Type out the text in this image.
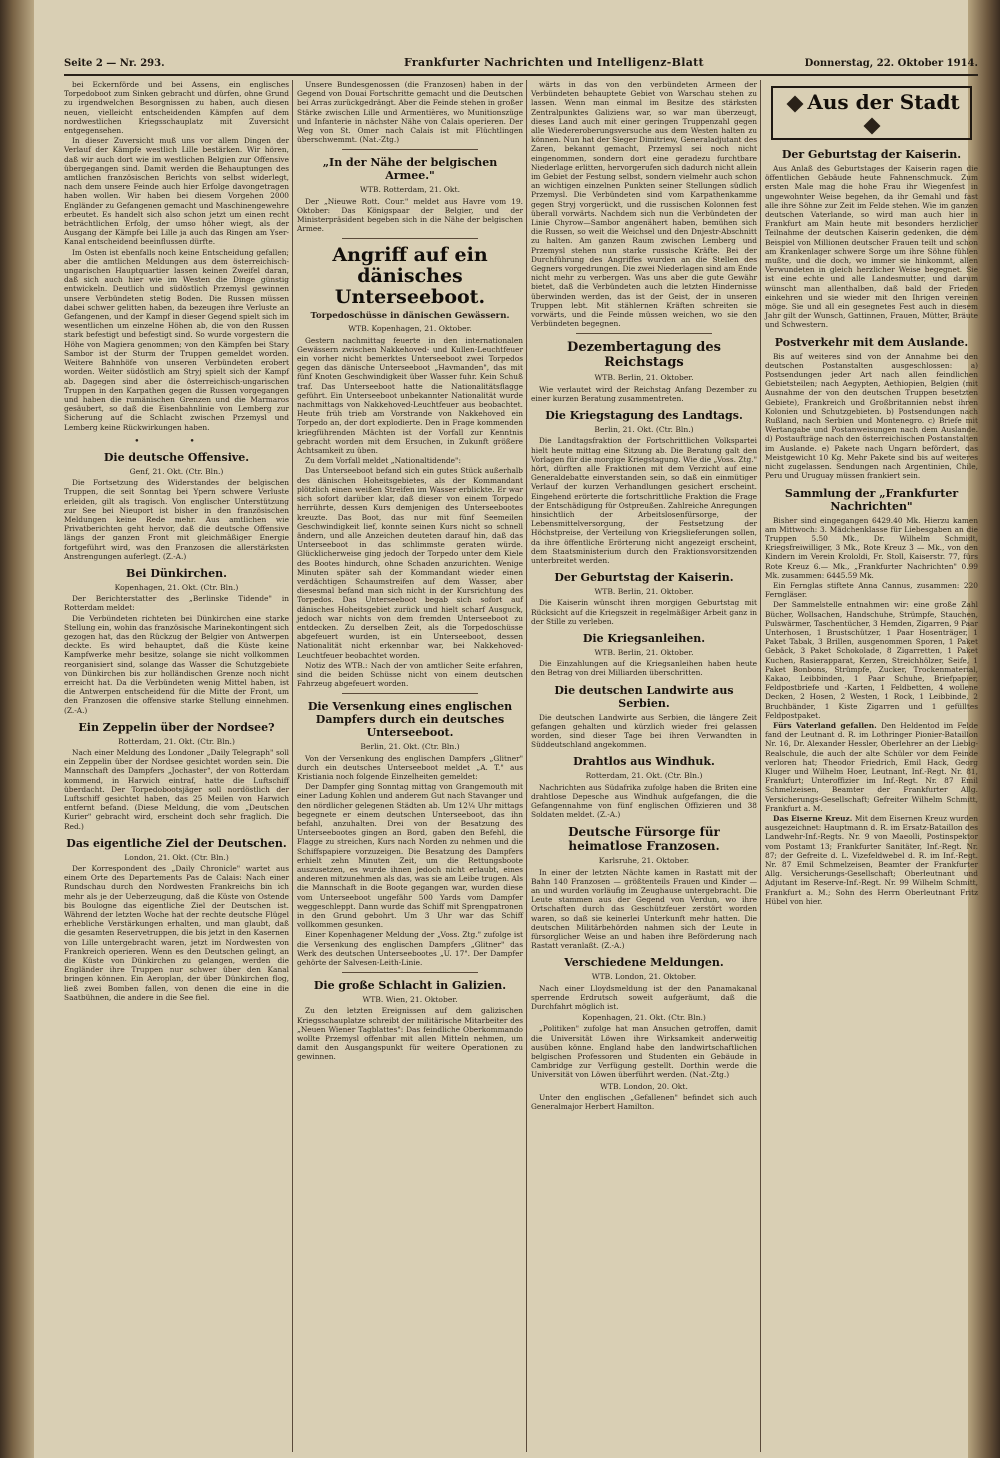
Seite 2 — Nr. 293.	Frankfurter Nachrichten und Intelligenz-Blatt	Donnerstag, 22. Oktober 1914.

bei Eckernförde und bei Assens, ein englisches Torpedoboot zum Sinken gebracht und dürfen, ohne Grund zu irgendwelchen Besorgnissen zu haben, auch diesen neuen, vielleicht entscheidenden Kämpfen auf dem nordwestlichen Kriegsschauplatz mit Zuversicht entgegensehen.

In dieser Zuversicht muß uns vor allem Dingen der Verlauf der Kämpfe westlich Lille bestärken. Wir hören, daß wir auch dort wie im westlichen Belgien zur Offensive übergegangen sind. Damit werden die Behauptungen des amtlichen französischen Berichts von selbst widerlegt, nach dem unsere Feinde auch hier Erfolge davongetragen haben wollen. Wir haben bei diesem Vorgehen 2000 Engländer zu Gefangenen gemacht und Maschinengewehre erbeutet. Es handelt sich also schon jetzt um einen recht beträchtlichen Erfolg, der umso höher wiegt, als der Ausgang der Kämpfe bei Lille ja auch das Ringen am Yser-Kanal entscheidend beeinflussen dürfte.

Im Osten ist ebenfalls noch keine Entscheidung gefallen; aber die amtlichen Meldungen aus dem österreichisch-ungarischen Hauptquartier lassen keinen Zweifel daran, daß sich auch hier wie im Westen die Dinge günstig entwickeln. Deutlich und südöstlich Przemysl gewinnen unsere Verbündeten stetig Boden. Die Russen müssen dabei schwer gelitten haben, da bezeugen ihre Verluste an Gefangenen, und der Kampf in dieser Gegend spielt sich im wesentlichen um einzelne Höhen ab, die von den Russen stark befestigt und befestigt sind. So wurde vorgestern die Höhe von Magiera genommen; von den Kämpfen bei Stary Sambor ist der Sturm der Truppen gemeldet worden. Weitere Bahnhöfe von unseren Verbündeten erobert worden. Weiter südöstlich am Stryj spielt sich der Kampf ab. Dagegen sind aber die österreichisch-ungarischen Truppen in den Karpathen gegen die Russen vorgegangen und haben die rumänischen Grenzen und die Marmaros gesäubert, so daß die Eisenbahnlinie von Lemberg zur Sicherung auf die Schlacht zwischen Przemysl und Lemberg keine Rückwirkungen haben.

• •
Die deutsche Offensive.
Genf, 21. Okt. (Ctr. Bln.)

Die Fortsetzung des Widerstandes der belgischen Truppen, die seit Sonntag bei Ypern schwere Verluste erleiden, gilt als tragisch. Von englischer Unterstützung zur See bei Nieuport ist bisher in den französischen Meldungen keine Rede mehr. Aus amtlichen wie Privatberichten geht hervor, daß die deutsche Offensive längs der ganzen Front mit gleichmäßiger Energie fortgeführt wird, was den Franzosen die allerstärksten Anstrengungen auferlegt. (Z.-A.)

Bei Dünkirchen.
Kopenhagen, 21. Okt. (Ctr. Bln.)

Der Berichterstatter des „Berlinske Tidende" in Rotterdam meldet:

Die Verbündeten richteten bei Dünkirchen eine starke Stellung ein, wohin das französische Marinekontingent sich gezogen hat, das den Rückzug der Belgier von Antwerpen deckte. Es wird behauptet, daß die Küste keine Kampfwerke mehr besitze, solange sie nicht vollkommen reorganisiert sind, solange das Wasser die Schutzgebiete von Dünkirchen bis zur holländischen Grenze noch nicht erreicht hat. Da die Verbündeten wenig Mittel haben, ist die Antwerpen entscheidend für die Mitte der Front, um den Franzosen die offensive starke Stellung einnehmen. (Z.-A.)

Ein Zeppelin über der Nordsee?
Rotterdam, 21. Okt. (Ctr. Bln.)

Nach einer Meldung des Londoner „Daily Telegraph" soll ein Zeppelin über der Nordsee gesichtet worden sein. Die Mannschaft des Dampfers „Jochaster", der von Rotterdam kommend, in Harwich eintraf, hatte die Luftschiff überdacht. Der Torpedobootsjäger soll nordöstlich der Luftschiff gesichtet haben, das 25 Meilen von Harwich entfernt befand. (Diese Meldung, die vom „Deutschen Kurier" gebracht wird, erscheint doch sehr fraglich. Die Red.)

Das eigentliche Ziel der Deutschen.
London, 21. Okt. (Ctr. Bln.)

Der Korrespondent des „Daily Chronicle" wartet aus einem Orte des Departements Pas de Calais: Nach einer Rundschau durch den Nordwesten Frankreichs bin ich mehr als je der Ueberzeugung, daß die Küste von Ostende bis Boulogne das eigentliche Ziel der Deutschen ist. Während der letzten Woche hat der rechte deutsche Flügel erhebliche Verstärkungen erhalten, und man glaubt, daß die gesamten Reservetruppen, die bis jetzt in den Kasernen von Lille untergebracht waren, jetzt im Nordwesten von Frankreich operieren. Wenn es den Deutschen gelingt, an die Küste von Dünkirchen zu gelangen, werden die Engländer ihre Truppen nur schwer über den Kanal bringen können. Ein Aeroplan, der über Dünkirchen flog, ließ zwei Bomben fallen, von denen die eine in die Saatbühnen, die andere in die See fiel.

Unsere Bundesgenossen (die Franzosen) haben in der Gegend von Douai Fortschritte gemacht und die Deutschen bei Arras zurückgedrängt. Aber die Feinde stehen in großer Stärke zwischen Lille und Armentières, wo Munitionszüge und Infanterie in nächster Nähe von Calais operieren. Der Weg von St. Omer nach Calais ist mit Flüchtlingen überschwemmt. (Nat.-Ztg.)

„In der Nähe der belgischen Armee."
WTB. Rotterdam, 21. Okt.

Der „Nieuwe Rott. Cour." meldet aus Havre vom 19. Oktober: Das Königspaar der Belgier, und der Ministerpräsident begeben sich in die Nähe der belgischen Armee.

Angriff auf ein dänisches Unterseeboot.
Torpedoschüsse in dänischen Gewässern.
WTB. Kopenhagen, 21. Oktober.

Gestern nachmittag feuerte in den internationalen Gewässern zwischen Nakkehoved- und Kullen-Leuchtfeuer ein vorher nicht bemerktes Unterseeboot zwei Torpedos gegen das dänische Unterseeboot „Havmanden", das mit fünf Knoten Geschwindigkeit über Wasser fuhr. Kein Schuß traf. Das Unterseeboot hatte die Nationalitätsflagge geführt. Ein Unterseeboot unbekannter Nationalität wurde nachmittags von Nakkehoved-Leuchtfeuer aus beobachtet. Heute früh trieb am Vorstrande von Nakkehoved ein Torpedo an, der dort explodierte. Den in Frage kommenden kriegführenden Mächten ist der Vorfall zur Kenntnis gebracht worden mit dem Ersuchen, in Zukunft größere Achtsamkeit zu üben.

Zu dem Vorfall meldet „Nationaltidende":

Das Unterseeboot befand sich ein gutes Stück außerhalb des dänischen Hoheitsgebietes, als der Kommandant plötzlich einen weißen Streifen im Wasser erblickte. Er war sich sofort darüber klar, daß dieser von einem Torpedo herrührte, dessen Kurs demjenigen des Unterseebootes kreuzte. Das Boot, das nur mit fünf Seemeilen Geschwindigkeit lief, konnte seinen Kurs nicht so schnell ändern, und alle Anzeichen deuteten darauf hin, daß das Unterseeboot in das schlimmste geraten würde. Glücklicherweise ging jedoch der Torpedo unter dem Kiele des Bootes hindurch, ohne Schaden anzurichten. Wenige Minuten später sah der Kommandant wieder einen verdächtigen Schaumstreifen auf dem Wasser, aber diesesmal befand man sich nicht in der Kursrichtung des Torpedos. Das Unterseeboot begab sich sofort auf dänisches Hoheitsgebiet zurück und hielt scharf Ausguck, jedoch war nichts von dem fremden Unterseeboot zu entdecken. Zu derselben Zeit, als die Torpedoschüsse abgefeuert wurden, ist ein Unterseeboot, dessen Nationalität nicht erkennbar war, bei Nakkehoved-Leuchtfeuer beobachtet worden.

Notiz des WTB.: Nach der von amtlicher Seite erfahren, sind die beiden Schüsse nicht von einem deutschen Fahrzeug abgefeuert worden.

Die Versenkung eines englischen Dampfers durch ein deutsches Unterseeboot.
Berlin, 21. Okt. (Ctr. Bln.)

Von der Versenkung des englischen Dampfers „Glitner" durch ein deutsches Unterseeboot meldet „A. T." aus Kristiania noch folgende Einzelheiten gemeldet:

Der Dampfer ging Sonntag mittag von Grangemouth mit einer Ladung Kohlen und anderem Gut nach Stavanger und den nördlicher gelegenen Städten ab. Um 12¼ Uhr mittags begegnete er einem deutschen Unterseeboot, das ihn befahl, anzuhalten. Drei von der Besatzung des Unterseebootes gingen an Bord, gaben den Befehl, die Flagge zu streichen, Kurs nach Norden zu nehmen und die Schiffspapiere vorzuzeigen. Die Besatzung des Dampfers erhielt zehn Minuten Zeit, um die Rettungsboote auszusetzen, es wurde ihnen jedoch nicht erlaubt, eines anderen mitzunehmen als das, was sie am Leibe trugen. Als die Mannschaft in die Boote gegangen war, wurden diese vom Unterseeboot ungefähr 500 Yards vom Dampfer weggeschleppt. Dann wurde das Schiff mit Sprengpatronen in den Grund gebohrt. Um 3 Uhr war das Schiff vollkommen gesunken.

Einer Kopenhagener Meldung der „Voss. Ztg." zufolge ist die Versenkung des englischen Dampfers „Glitner" das Werk des deutschen Unterseebootes „U. 17". Der Dampfer gehörte der Salvesen-Leith-Linie.

Die große Schlacht in Galizien.
WTB. Wien, 21. Oktober.

Zu den letzten Ereignissen auf dem galizischen Kriegsschauplatze schreibt der militärische Mitarbeiter des „Neuen Wiener Tagblattes": Das feindliche Oberkommando wollte Przemysl offenbar mit allen Mitteln nehmen, um damit den Ausgangspunkt für weitere Operationen zu gewinnen.

wärts in das von den verbündeten Armeen der Verbündeten behauptete Gebiet von Warschau stehen zu lassen. Wenn man einmal im Besitze des stärksten Zentralpunktes Galiziens war, so war man überzeugt, dieses Land auch mit einer geringen Truppenzahl gegen alle Wiedereroberungsversuche aus dem Westen halten zu können. Nun hat der Sieger Dimitriew, Generaladjutant des Zaren, bekannt gemacht, Przemysl sei noch nicht eingenommen, sondern dort eine geradezu furchtbare Niederlage erlitten, hervorgerufen sich dadurch nicht allein im Gebiet der Festung selbst, sondern vielmehr auch schon an wichtigen einzelnen Punkten seiner Stellungen südlich Przemysl. Die Verbündeten sind vom Karpathenkamme gegen Stryj vorgerückt, und die russischen Kolonnen fest überall vorwärts. Nachdem sich nun die Verbündeten der Linie Chyrow—Sambor angenähert haben, bemühen sich die Russen, so weit die Weichsel und den Dnjestr-Abschnitt zu halten. Am ganzen Raum zwischen Lemberg und Przemysl stehen nun starke russische Kräfte. Bei der Durchführung des Angriffes wurden an die Stellen des Gegners vorgedrungen. Die zwei Niederlagen sind am Ende nicht mehr zu verbergen. Was uns aber die gute Gewähr bietet, daß die Verbündeten auch die letzten Hindernisse überwinden werden, das ist der Geist, der in unseren Truppen lebt. Mit stählernen Kräften schreiten sie vorwärts, und die Feinde müssen weichen, wo sie den Verbündeten begegnen.

Dezembertagung des Reichstags
WTB. Berlin, 21. Oktober.

Wie verlautet wird der Reichstag Anfang Dezember zu einer kurzen Beratung zusammentreten.

Die Kriegstagung des Landtags.
Berlin, 21. Okt. (Ctr. Bln.)

Die Landtagsfraktion der Fortschrittlichen Volkspartei hielt heute mittag eine Sitzung ab. Die Beratung galt den Vorlagen für die morgige Kriegstagung. Wie die „Voss. Ztg." hört, dürften alle Fraktionen mit dem Verzicht auf eine Generaldebatte einverstanden sein, so daß ein einmütiger Verlauf der kurzen Verhandlungen gesichert erscheint. Eingehend erörterte die fortschrittliche Fraktion die Frage der Entschädigung für Ostpreußen. Zahlreiche Anregungen hinsichtlich der Arbeitslosenfürsorge, der Lebensmittelversorgung, der Festsetzung der Höchstpreise, der Verteilung von Kriegslieferungen sollen, da ihre öffentliche Erörterung nicht angezeigt erscheint, dem Staatsministerium durch den Fraktionsvorsitzenden unterbreitet werden.

Der Geburtstag der Kaiserin.
WTB. Berlin, 21. Oktober.

Die Kaiserin wünscht ihren morgigen Geburtstag mit Rücksicht auf die Kriegszeit in regelmäßiger Arbeit ganz in der Stille zu verleben.

Die Kriegsanleihen.
WTB. Berlin, 21. Oktober.

Die Einzahlungen auf die Kriegsanleihen haben heute den Betrag von drei Milliarden überschritten.

Die deutschen Landwirte aus Serbien.

Die deutschen Landwirte aus Serbien, die längere Zeit gefangen gehalten und kürzlich wieder frei gelassen worden, sind dieser Tage bei ihren Verwandten in Süddeutschland angekommen.

Drahtlos aus Windhuk.
Rotterdam, 21. Okt. (Ctr. Bln.)

Nachrichten aus Südafrika zufolge haben die Briten eine drahtlose Depesche aus Windhuk aufgefangen, die die Gefangennahme von fünf englischen Offizieren und 38 Soldaten meldet. (Z.-A.)

Deutsche Fürsorge für heimatlose Franzosen.
Karlsruhe, 21. Oktober.

In einer der letzten Nächte kamen in Rastatt mit der Bahn 140 Franzosen — größtenteils Frauen und Kinder — an und wurden vorläufig im Zeughause untergebracht. Die Leute stammen aus der Gegend von Verdun, wo ihre Ortschaften durch das Geschützfeuer zerstört worden waren, so daß sie keinerlei Unterkunft mehr hatten. Die deutschen Militärbehörden nahmen sich der Leute in fürsorglicher Weise an und haben ihre Beförderung nach Rastatt veranlaßt. (Z.-A.)

Verschiedene Meldungen.
WTB. London, 21. Oktober.

Nach einer Lloydsmeldung ist der den Panamakanal sperrende Erdrutsch soweit aufgeräumt, daß die Durchfahrt möglich ist.

Kopenhagen, 21. Okt. (Ctr. Bln.)

„Politiken" zufolge hat man Ansuchen getroffen, damit die Universität Löwen ihre Wirksamkeit anderweitig ausüben könne. England habe den landwirtschaftlichen belgischen Professoren und Studenten ein Gebäude in Cambridge zur Verfügung gestellt. Dorthin werde die Universität von Löwen überführt werden. (Nat.-Ztg.)

WTB. London, 20. Okt.

Unter den englischen „Gefallenen" befindet sich auch Generalmajor Herbert Hamilton.

Aus der Stadt
Der Geburtstag der Kaiserin.

Aus Anlaß des Geburtstages der Kaiserin ragen die öffentlichen Gebäude heute Fahnenschmuck. Zum ersten Male mag die hohe Frau ihr Wiegenfest in ungewohnter Weise begehen, da ihr Gemahl und fast alle ihre Söhne zur Zeit im Felde stehen. Wie im ganzen deutschen Vaterlande, so wird man auch hier in Frankfurt am Main heute mit besonders herzlicher Teilnahme der deutschen Kaiserin gedenken, die dem Beispiel von Millionen deutscher Frauen teilt und schon am Krankenlager schwere Sorge um ihre Söhne fühlen mußte, und die doch, wo immer sie hinkommt, allen Verwundeten in gleich herzlicher Weise begegnet. Sie ist eine echte und alle Landesmutter, und darum wünscht man allenthalben, daß bald der Frieden einkehren und sie wieder mit den Ihrigen vereinen möge. Sie und all ein gesegnetes Fest auch in diesem Jahr gilt der Wunsch, Gattinnen, Frauen, Mütter, Bräute und Schwestern.

Postverkehr mit dem Auslande.

Bis auf weiteres sind von der Annahme bei den deutschen Postanstalten ausgeschlossen: a) Postsendungen jeder Art nach allen feindlichen Gebietsteilen; nach Aegypten, Aethiopien, Belgien (mit Ausnahme der von den deutschen Truppen besetzten Gebiete), Frankreich und Großbritannien nebst ihren Kolonien und Schutzgebieten. b) Postsendungen nach Rußland, nach Serbien und Montenegro. c) Briefe mit Wertangabe und Postanweisungen nach dem Auslande. d) Postaufträge nach den österreichischen Postanstalten im Auslande. e) Pakete nach Ungarn befördert, das Meistgewicht 10 Kg. Mehr Pakete sind bis auf weiteres nicht zugelassen. Sendungen nach Argentinien, Chile, Peru und Uruguay müssen frankiert sein.

Sammlung der „Frankfurter Nachrichten"

Bisher sind eingegangen 6429.40 Mk. Hierzu kamen am Mittwoch: 3. Mädchenklasse für Liebesgaben an die Truppen 5.50 Mk., Dr. Wilhelm Schmidt, Kriegsfreiwilliger, 3 Mk., Rote Kreuz 3 — Mk., von den Kindern im Verein Krololdi, Fr. Stoll, Kaiserstr. 77, fürs Rote Kreuz 6.— Mk., „Frankfurter Nachrichten" 0.99 Mk. zusammen: 6445.59 Mk.

Ein Fernglas stiftete Anna Cannus, zusammen: 220 Ferngläser.

Der Sammelstelle entnahmen wir: eine große Zahl Bücher, Wollsachen, Handschuhe, Strümpfe, Stauchen, Pulswärmer, Taschentücher, 3 Hemden, Zigarren, 9 Paar Unterhosen, 1 Brustschützer, 1 Paar Hosenträger, 1 Paket Tabak, 3 Brillen, ausgenommen Sporen, 1 Paket Gebäck, 3 Paket Schokolade, 8 Zigarretten, 1 Paket Kuchen, Rasierapparat, Kerzen, Streichhölzer, Seife, 1 Paket Bonbons, Strümpfe, Zucker, Trockenmaterial, Kakao, Leibbinden, 1 Paar Schuhe, Briefpapier, Feldpostbriefe und -Karten, 1 Feldbetten, 4 wollene Decken, 2 Hosen, 2 Westen, 1 Rock, 1 Leibbinde, 2 Bruchbänder, 1 Kiste Zigarren und 1 gefülltes Feldpostpaket.

Fürs Vaterland gefallen. Den Heldentod im Felde fand der Leutnant d. R. im Lothringer Pionier-Bataillon Nr. 16, Dr. Alexander Hessler, Oberlehrer an der Liebig-Realschule, die auch der alte Schüler vor dem Feinde verloren hat; Theodor Friedrich, Emil Hack, Georg Kluger und Wilhelm Hoer, Leutnant, Inf.-Regt. Nr. 81, Frankfurt; Unteroffizier im Inf.-Regt. Nr. 87 Emil Schmelzeisen, Beamter der Frankfurter Allg. Versicherungs-Gesellschaft; Gefreiter Wilhelm Schmitt, Frankfurt a. M.

Das Eiserne Kreuz. Mit dem Eisernen Kreuz wurden ausgezeichnet: Hauptmann d. R. im Ersatz-Bataillon des Landwehr-Inf.-Regts. Nr. 9 von Maeolli, Postinspektor vom Postamt 13; Frankfurter Sanitäter, Inf.-Regt. Nr. 87; der Gefreite d. L. Vizefeldwebel d. R. im Inf.-Regt. Nr. 87 Emil Schmelzeisen, Beamter der Frankfurter Allg. Versicherungs-Gesellschaft; Oberleutnant und Adjutant im Reserve-Inf.-Regt. Nr. 99 Wilhelm Schmitt, Frankfurt a. M.; Sohn des Herrn Oberleutnant Fritz Hübel von hier.
